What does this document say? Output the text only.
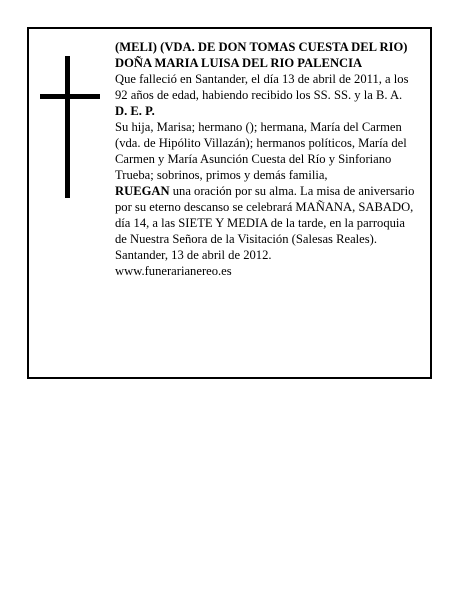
(MELI) (VDA. DE DON TOMAS CUESTA DEL RIO)

DOÑA MARIA LUISA DEL RIO PALENCIA

Que falleció en Santander, el día 13 de abril de 2011, a los 92 años de edad, habiendo recibido los SS. SS. y la B. A.

D. E. P.

Su hija, Marisa; hermano (); hermana, María del Carmen (vda. de Hipólito Villazán); hermanos políticos, María del Carmen y María Asunción Cuesta del Río y Sinforiano Trueba; sobrinos, primos y demás familia,

RUEGAN una oración por su alma. La misa de aniversario por su eterno descanso se celebrará MAÑANA, SABADO, día 14, a las SIETE Y MEDIA de la tarde, en la parroquia de Nuestra Señora de la Visitación (Salesas Reales).

Santander, 13 de abril de 2012.

www.funerarianereo.es
